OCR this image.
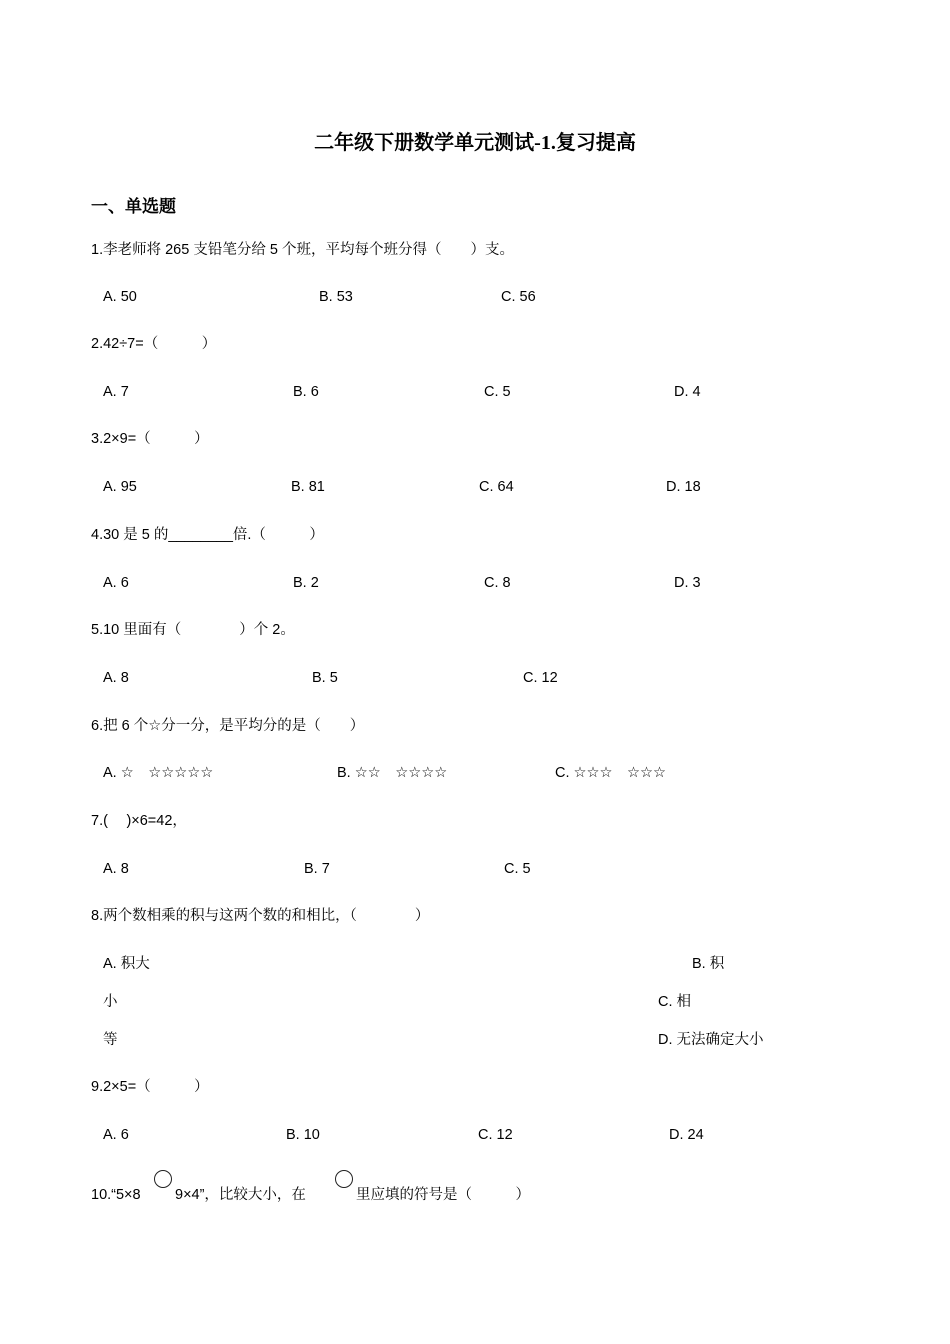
二年级下册数学单元测试-1.复习提高
一、单选题
1.李老师将 265 支铅笔分给 5 个班，平均每个班分得（　　）支。
A. 50	B. 53	C. 56
2.42÷7=（　　　）
A. 7	B. 6	C. 5	D. 4
3.2×9=（　　　）
A. 95	B. 81	C. 64	D. 18
4.30 是 5 的________倍.（　　　）
A. 6	B. 2	C. 8	D. 3
5.10 里面有（　　　　）个 2。
A. 8	B. 5	C. 12
6.把 6 个☆分一分，是平均分的是（　　）
A. ☆　☆☆☆☆☆	B. ☆☆　☆☆☆☆	C. ☆☆☆　☆☆☆
7.(　 )×6=42，
A. 8	B. 7	C. 5
8.两个数相乘的积与这两个数的和相比，（　　　　）
A. 积大	B. 积
小	C. 相
等	D. 无法确定大小
9.2×5=（　　　）
A. 6	B. 10	C. 12	D. 24
10.“5×8 9×4”，比较大小，在	里应填的符号是（　　　）
